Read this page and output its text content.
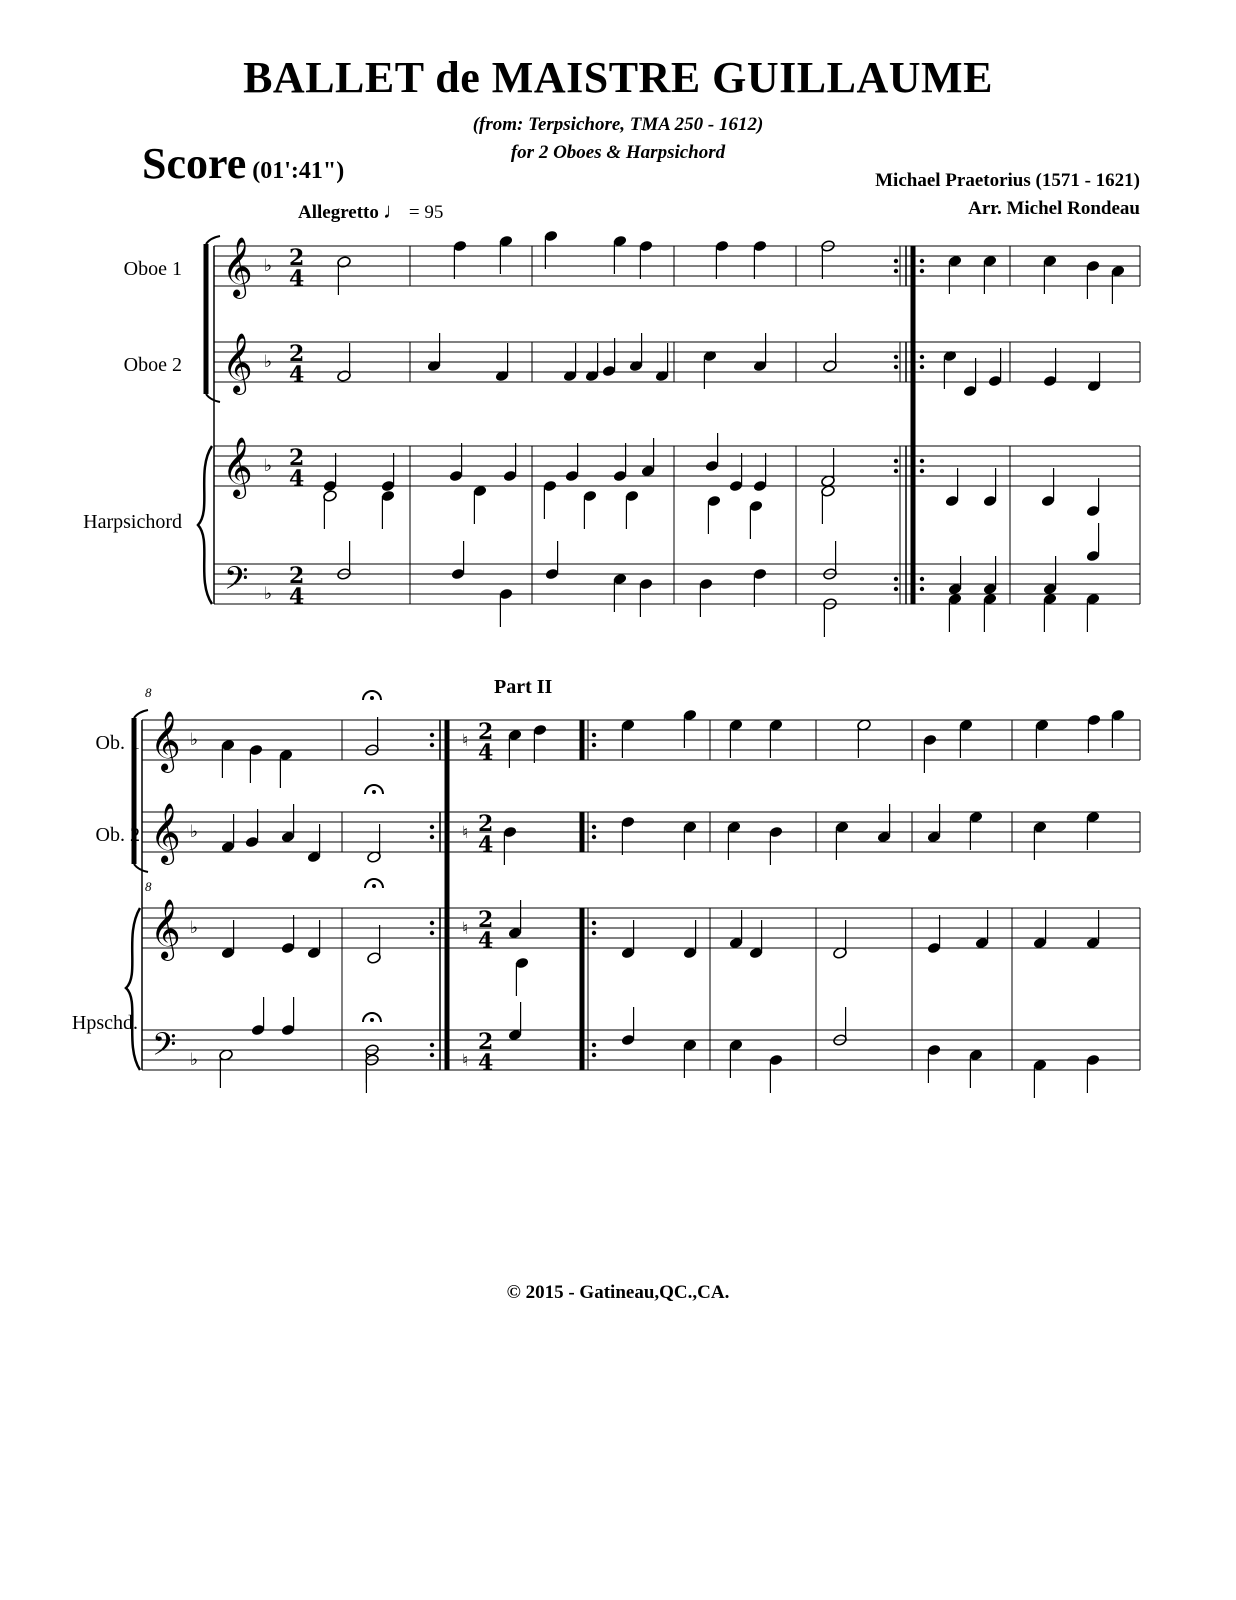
BALLET de MAISTRE GUILLAUME
(from: Terpsichore, TMA 250 - 1612)
for 2 Oboes & Harpsichord
Score (01':41")	Michael Praetorius (1571 - 1621)
Arr. Michel Rondeau
Allegretto ♩ = 95
Oboe 1
Oboe 2
Harpsichord
Ob. 1
Ob. 2
Hpschd.
Part II
© 2015 - Gatineau,QC.,CA.
𝄞 ♭ 2
4
𝄞 ♭ 2
4
𝄞 ♭ 2
4
𝄢 ♭
2
4
𝄞 ♭	♮ 2
4
𝄞 ♭	♮ 2
4
𝄞 ♭	♮ 2
4
𝄢 ♭	♮
2
4
8
8
